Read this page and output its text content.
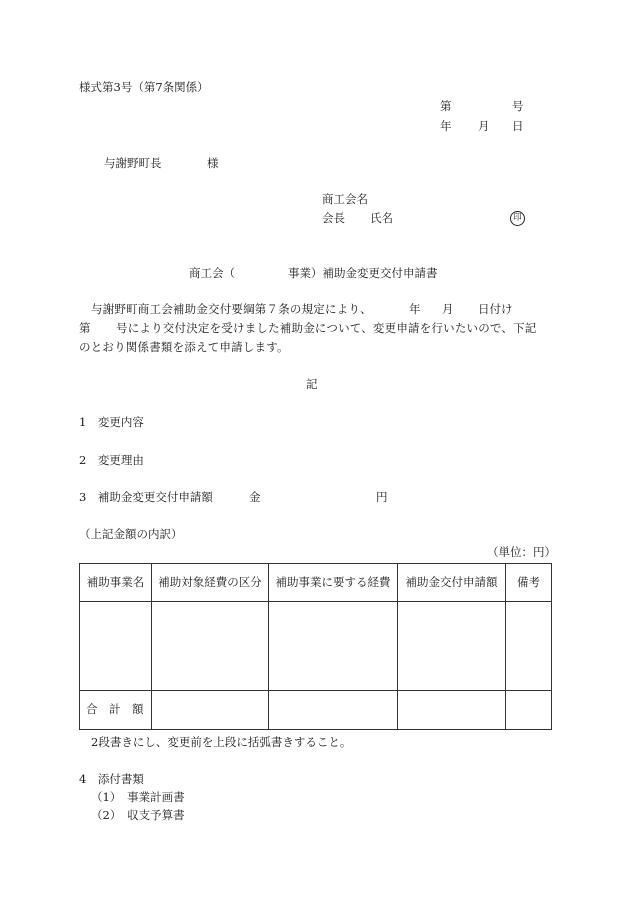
様式第3号（第7条関係）
第	号
年 月 日
与謝野町長	様
商工会名
会長 氏名	印
商工会（	事業）補助金変更交付申請書
与謝野町商工会補助金交付要綱第７条の規定により、	年 月 日付け
第 号により交付決定を受けました補助金について、変更申請を行いたいので、下記
のとおり関係書類を添えて申請します。
記
1　変更内容
2　変更理由
3　補助金変更交付申請額	金	円
（上記金額の内訳）
（単位：円）
補助事業名	補助対象経費の区分	補助事業に要する経費	補助金交付申請額	備考

合　計　額				
2段書きにし、変更前を上段に括弧書きすること。
4　添付書類
（1）　事業計画書
（2）　収支予算書
